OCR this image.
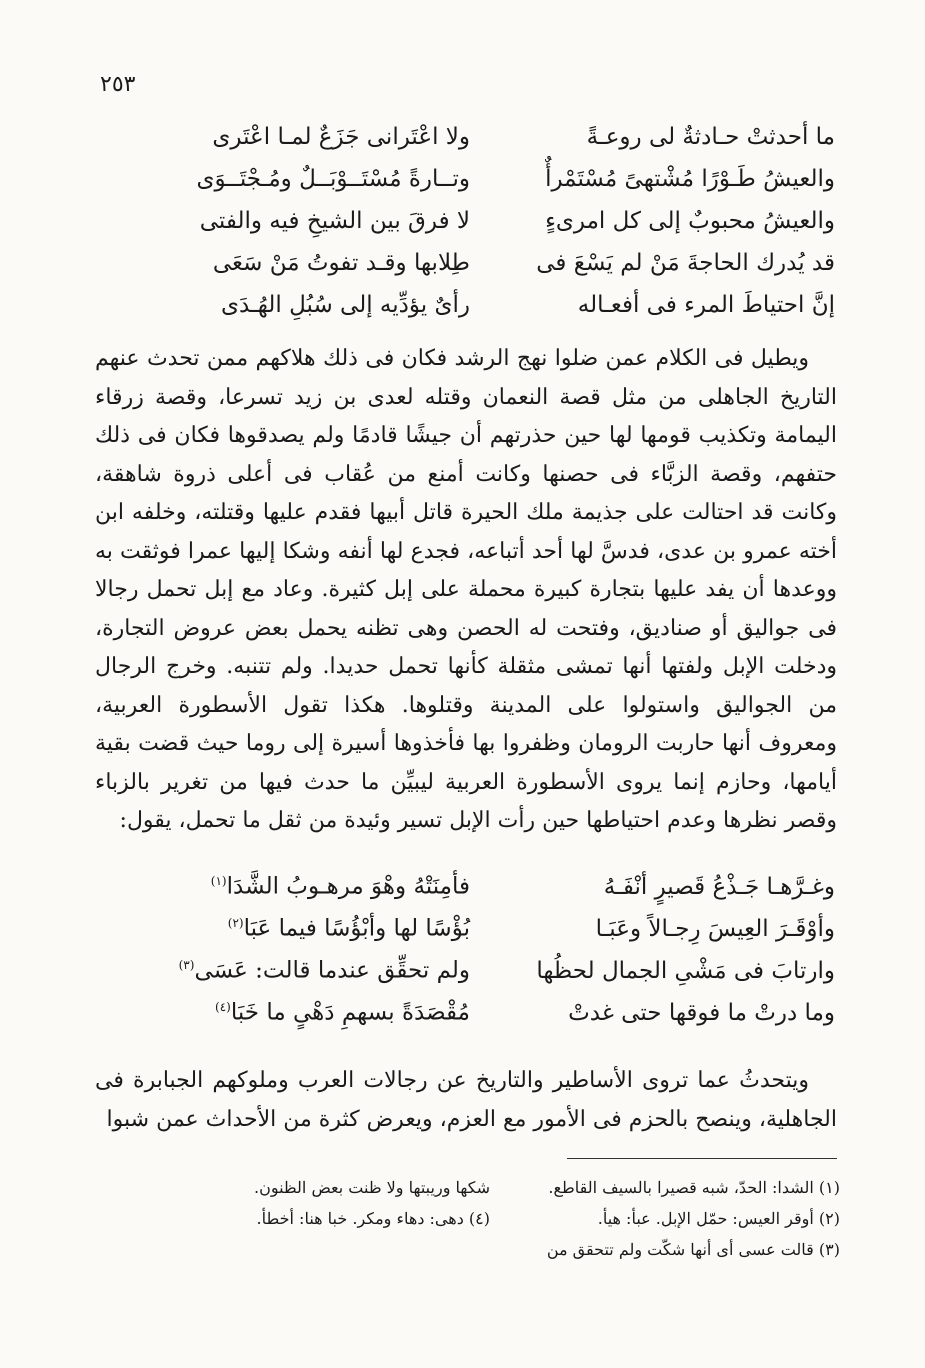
٢٥٣
ما أحدثتْ حـادثةٌ لى روعـةً
ولا اعْتَرانى جَزَعٌ لمـا اعْتَرى
والعيشُ طَـوْرًا مُشْتهىً مُسْتَمْرأٌ
وتــارةً مُسْتَــوْبَــلٌ ومُـجْتَــوَى
والعيشُ محبوبٌ إلى كل امرىءٍ
لا فرقَ بين الشيخِ فيه والفتى
قد يُدرك الحاجةَ مَنْ لم يَسْعَ فى
طِلابها وقـد تفوتُ مَنْ سَعَى
إنَّ احتياطَ المرء فى أفعـاله
رأىٌ يؤدِّيه إلى سُبُلِ الهُـدَى

ويطيل فى الكلام عمن ضلوا نهج الرشد فكان فى ذلك هلاكهم ممن تحدث عنهم التاريخ الجاهلى من مثل قصة النعمان وقتله لعدى بن زيد تسرعا، وقصة زرقاء اليمامة وتكذيب قومها لها حين حذرتهم أن جيشًا قادمًا ولم يصدقوها فكان فى ذلك حتفهم، وقصة الزبَّاء فى حصنها وكانت أمنع من عُقاب فى أعلى ذروة شاهقة، وكانت قد احتالت على جذيمة ملك الحيرة قاتل أبيها فقدم عليها وقتلته، وخلفه ابن أخته عمرو بن عدى، فدسَّ لها أحد أتباعه، فجدع لها أنفه وشكا إليها عمرا فوثقت به ووعدها أن يفد عليها بتجارة كبيرة محملة على إبل كثيرة. وعاد مع إبل تحمل رجالا فى جواليق أو صناديق، وفتحت له الحصن وهى تظنه يحمل بعض عروض التجارة، ودخلت الإبل ولفتها أنها تمشى مثقلة كأنها تحمل حديدا. ولم تتنبه. وخرج الرجال من الجواليق واستولوا على المدينة وقتلوها. هكذا تقول الأسطورة العربية، ومعروف أنها حاربت الرومان وظفروا بها فأخذوها أسيرة إلى روما حيث قضت بقية أيامها، وحازم إنما يروى الأسطورة العربية ليبيِّن ما حدث فيها من تغرير بالزباء وقصر نظرها وعدم احتياطها حين رأت الإبل تسير وئيدة من ثقل ما تحمل، يقول:

وغـرَّهـا جَـذْعُ قَصيرٍ أنْفَـهُ
فأمِنَتْهُ وهْوَ مرهـوبُ الشَّدَا$^{(١)}$
وأوْقَـرَ العِيسَ رِجـالاً وعَبَـا
بُؤْسًا لها وأبْؤُسًا فيما عَبَا$^{(٢)}$
وارتابَ فى مَشْىِ الجمال لحظُها
ولم تحقِّق عندما قالت: عَسَى$^{(٣)}$
وما درتْ ما فوقها حتى غدتْ
مُقْصَدَةً بسهمِ دَهْىٍ ما خَبَا$^{(٤)}$

ويتحدثُ عما تروى الأساطير والتاريخ عن رجالات العرب وملوكهم الجبابرة فى الجاهلية، وينصح بالحزم فى الأمور مع العزم، ويعرض كثرة من الأحداث عمن شبوا

(١) الشدا: الحدّ، شبه قصيرا بالسيف القاطع.
(٢) أوقر العيس: حمّل الإبل. عبأ: هيأ.
(٣) قالت عسى أى أنها شكّت ولم تتحقق من
شكها وريبتها ولا ظنت بعض الظنون.
(٤) دهى: دهاء ومكر. خبا هنا: أخطأ.
